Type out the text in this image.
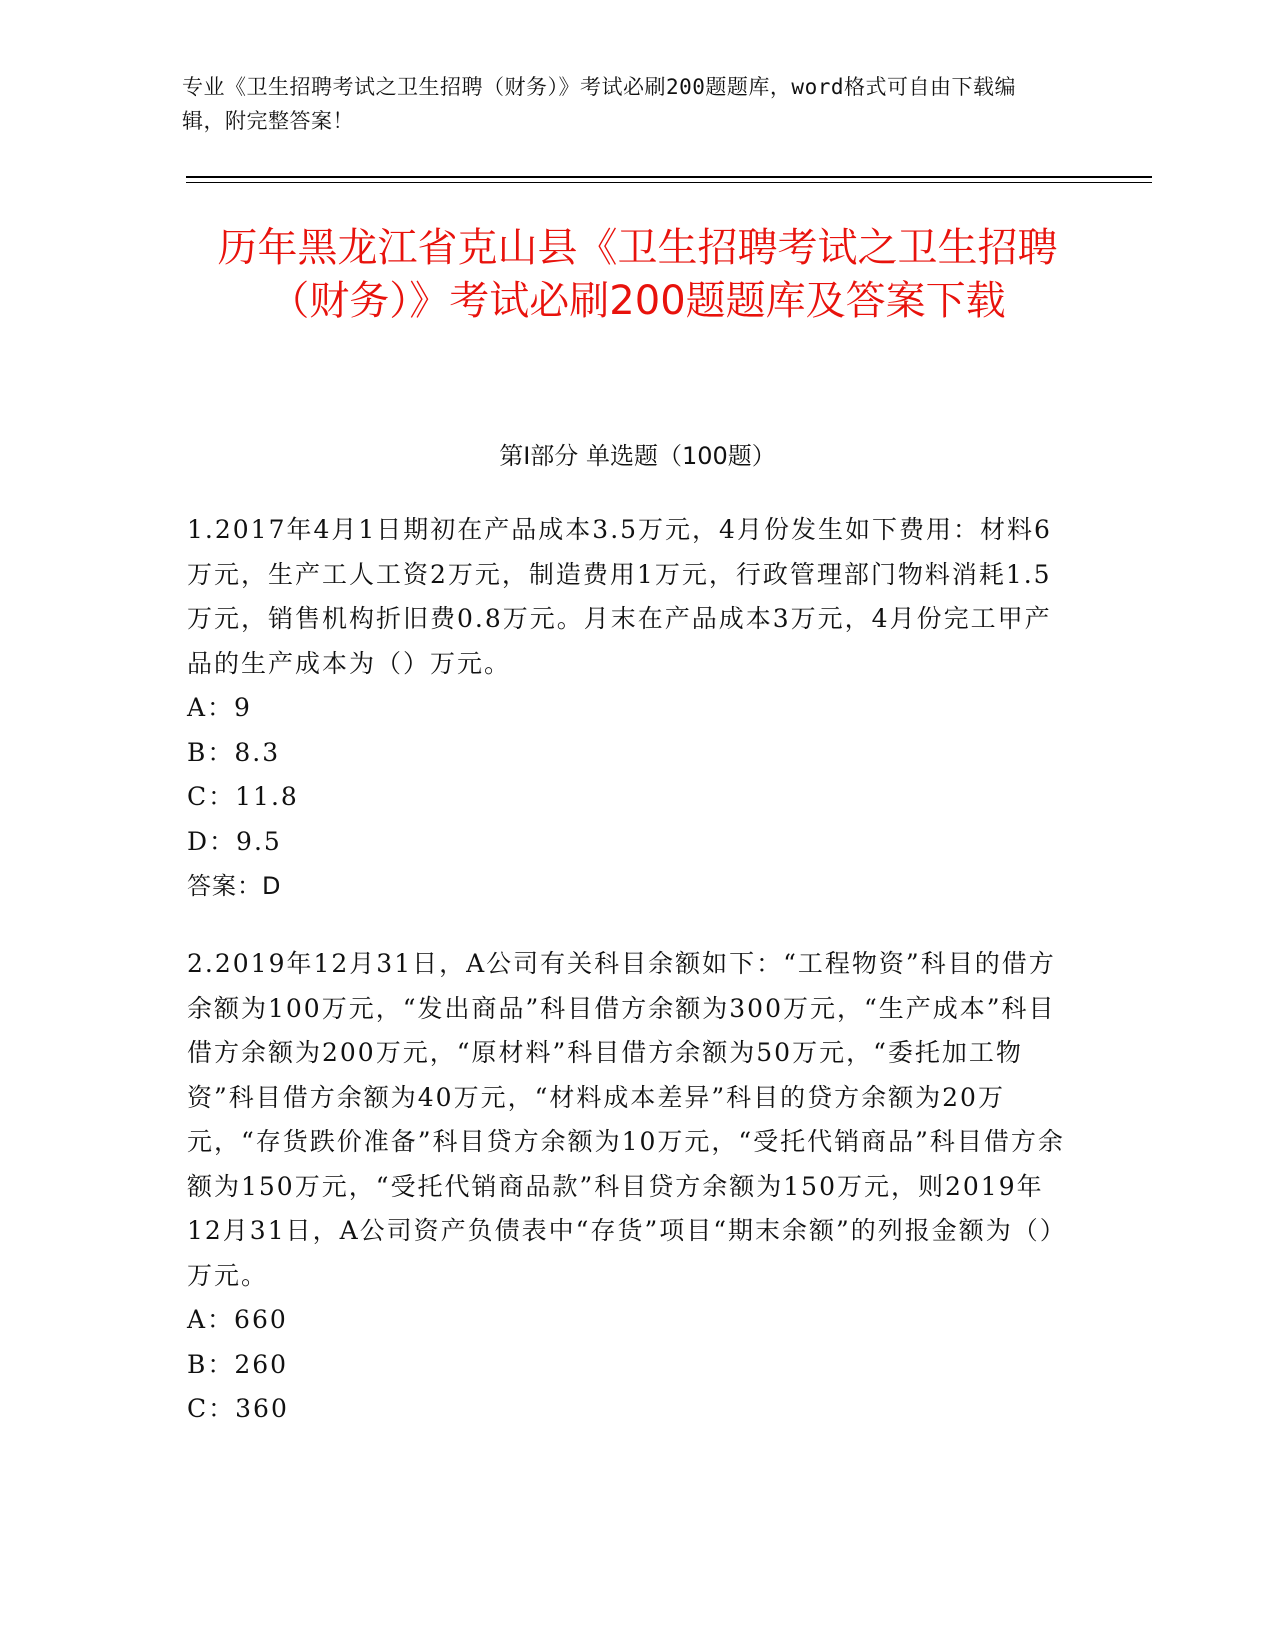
专业《卫生招聘考试之卫生招聘（财务）》考试必刷200题题库，word格式可自由下载编辑，附完整答案！
历年黑龙江省克山县《卫生招聘考试之卫生招聘（财务）》考试必刷200题题库及答案下载
第Ⅰ部分 单选题（100题）

1.2017年4月1日期初在产品成本3.5万元，4月份发生如下费用：材料6万元，生产工人工资2万元，制造费用1万元，行政管理部门物料消耗1.5万元，销售机构折旧费0.8万元。月末在产品成本3万元，4月份完工甲产品的生产成本为（）万元。

A：9

B：8.3

C：11.8

D：9.5

答案：D

2.2019年12月31日，A公司有关科目余额如下：“工程物资”科目的借方余额为100万元，“发出商品”科目借方余额为300万元，“生产成本”科目借方余额为200万元，“原材料”科目借方余额为50万元，“委托加工物资”科目借方余额为40万元，“材料成本差异”科目的贷方余额为20万元，“存货跌价准备”科目贷方余额为10万元，“受托代销商品”科目借方余额为150万元，“受托代销商品款”科目贷方余额为150万元，则2019年12月31日，A公司资产负债表中“存货”项目“期末余额”的列报金额为（）万元。

A：660

B：260

C：360
